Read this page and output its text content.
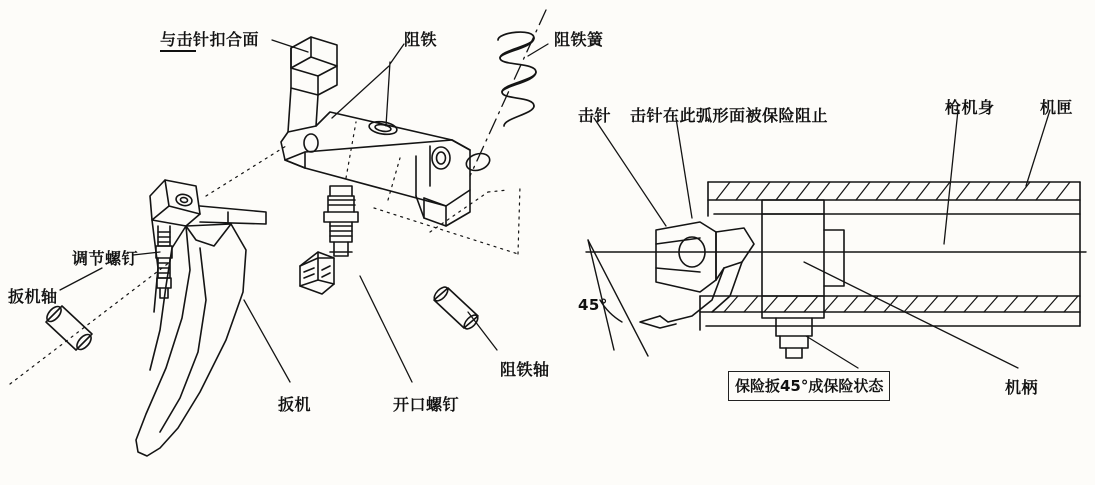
与击针扣合面	阻铁	阻铁簧
调节螺钉
扳机轴
扳机	开口螺钉
阻铁轴
击针 击针在此弧形面被保险阻止	枪机身	机匣
机柄
45°
保险扳45°成保险状态
